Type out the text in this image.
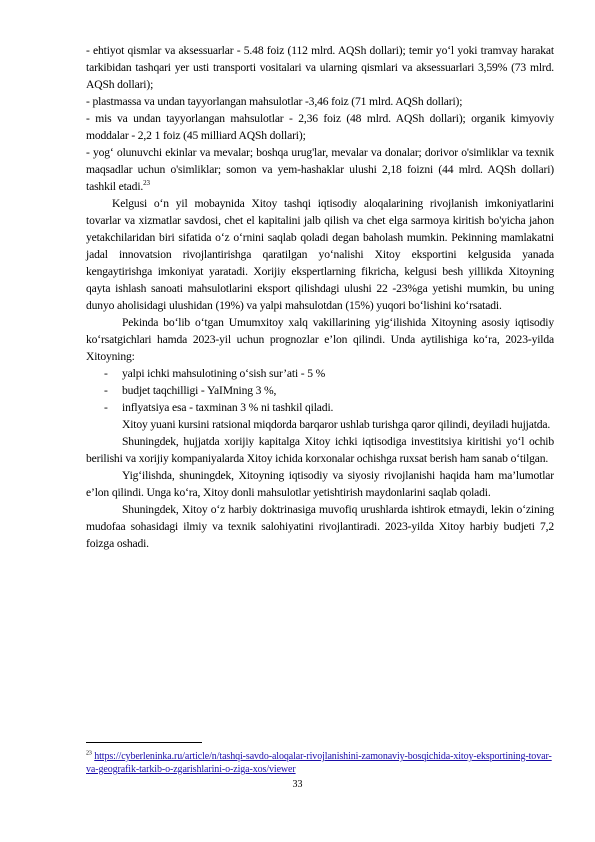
- ehtiyot qismlar va aksessuarlar - 5.48 foiz (112 mlrd. AQSh dollari); temir yo‘l yoki tramvay harakat tarkibidan tashqari yer usti transporti vositalari va ularning qismlari va aksessuarlari 3,59% (73 mlrd. AQSh dollari);

- plastmassa va undan tayyorlangan mahsulotlar -3,46 foiz (71 mlrd. AQSh dollari);

- mis va undan tayyorlangan mahsulotlar - 2,36 foiz (48 mlrd. AQSh dollari); organik kimyoviy moddalar - 2,2 1 foiz (45 milliard AQSh dollari);

- yog‘ olunuvchi ekinlar va mevalar; boshqa urug'lar, mevalar va donalar; dorivor o'simliklar va texnik maqsadlar uchun o'simliklar; somon va yem-hashaklar ulushi 2,18 foizni (44 mlrd. AQSh dollari) tashkil etadi.$^{23}$

Kelgusi o‘n yil mobaynida Xitoy tashqi iqtisodiy aloqalarining rivojlanish imkoniyatlarini tovarlar va xizmatlar savdosi, chet el kapitalini jalb qilish va chet elga sarmoya kiritish bo'yicha jahon yetakchilaridan biri sifatida o‘z o‘rnini saqlab qoladi degan baholash mumkin. Pekinning mamlakatni jadal innovatsion rivojlantirishga qaratilgan yo‘nalishi Xitoy eksportini kelgusida yanada kengaytirishga imkoniyat yaratadi. Xorijiy ekspertlarning fikricha, kelgusi besh yillikda Xitoyning qayta ishlash sanoati mahsulotlarini eksport qilishdagi ulushi 22 -23%ga yetishi mumkin, bu uning dunyo aholisidagi ulushidan (19%) va yalpi mahsulotdan (15%) yuqori bo‘lishini ko‘rsatadi.

Pekinda bo‘lib o‘tgan Umumxitoy xalq vakillarining yig‘ilishida Xitoyning asosiy iqtisodiy ko‘rsatgichlari hamda 2023-yil uchun prognozlar e’lon qilindi. Unda aytilishiga ko‘ra, 2023-yilda Xitoyning:

- yalpi ichki mahsulotining o‘sish sur’ati - 5 %
- budjet taqchilligi - YaIMning 3 %,
- inflyatsiya esa - taxminan 3 % ni tashkil qiladi.

Xitoy yuani kursini ratsional miqdorda barqaror ushlab turishga qaror qilindi, deyiladi hujjatda.

Shuningdek, hujjatda xorijiy kapitalga Xitoy ichki iqtisodiga investitsiya kiritishi yo‘l ochib berilishi va xorijiy kompaniyalarda Xitoy ichida korxonalar ochishga ruxsat berish ham sanab o‘tilgan.

Yig‘ilishda, shuningdek, Xitoyning iqtisodiy va siyosiy rivojlanishi haqida ham ma’lumotlar e’lon qilindi. Unga ko‘ra, Xitoy donli mahsulotlar yetishtirish maydonlarini saqlab qoladi.

Shuningdek, Xitoy o‘z harbiy doktrinasiga muvofiq urushlarda ishtirok etmaydi, lekin o‘zining mudofaa sohasidagi ilmiy va texnik salohiyatini rivojlantiradi. 2023-yilda Xitoy harbiy budjeti 7,2 foizga oshadi.

$^{23}$ https://cyberleninka.ru/article/n/tashqi-savdo-aloqalar-rivojlanishini-zamonaviy-bosqichida-xitoy-eksportining-tovar-va-geografik-tarkib-o-zgarishlarini-o-ziga-xos/viewer
33
